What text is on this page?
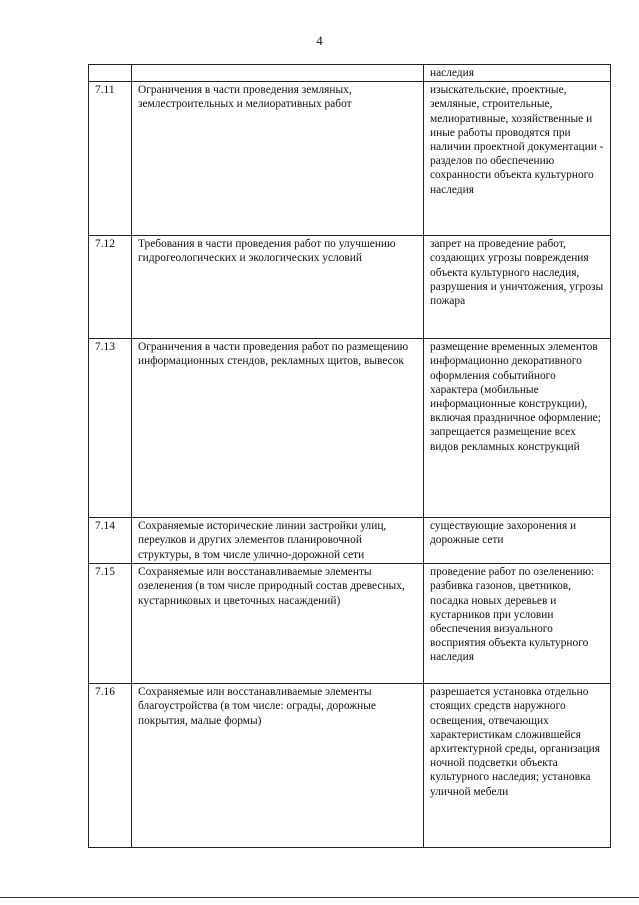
4
		наследия
7.11	Ограничения в части проведения земляных, землестроительных и мелиоративных работ	изыскательские, проектные, земляные, строительные, мелиоративные, хозяйственные и иные работы проводятся при наличии проектной документации - разделов по обеспечению сохранности объекта культурного наследия
7.12	Требования в части проведения работ по улучшению гидрогеологических и экологических условий	запрет на проведение работ, создающих угрозы повреждения объекта культурного наследия, разрушения и уничтожения, угрозы пожара
7.13	Ограничения в части проведения работ по размещению информационных стендов, рекламных щитов, вывесок	размещение временных элементов информационно декоративного оформления событийного характера (мобильные информационные конструкции), включая праздничное оформление; запрещается размещение всех видов рекламных конструкций
7.14	Сохраняемые исторические линии застройки улиц, переулков и других элементов планировочной структуры, в том числе улично-дорожной сети	существующие захоронения и дорожные сети
7.15	Сохраняемые или восстанавливаемые элементы озеленения (в том числе природный состав древесных, кустарниковых и цветочных насаждений)	проведение работ по озеленению: разбивка газонов, цветников, посадка новых деревьев и кустарников при условии обеспечения визуального восприятия объекта культурного наследия
7.16	Сохраняемые или восстанавливаемые элементы благоустройства (в том числе: ограды, дорожные покрытия, малые формы)	разрешается установка отдельно стоящих средств наружного освещения, отвечающих характеристикам сложившейся архитектурной среды, организация ночной подсветки объекта культурного наследия; установка уличной мебели
